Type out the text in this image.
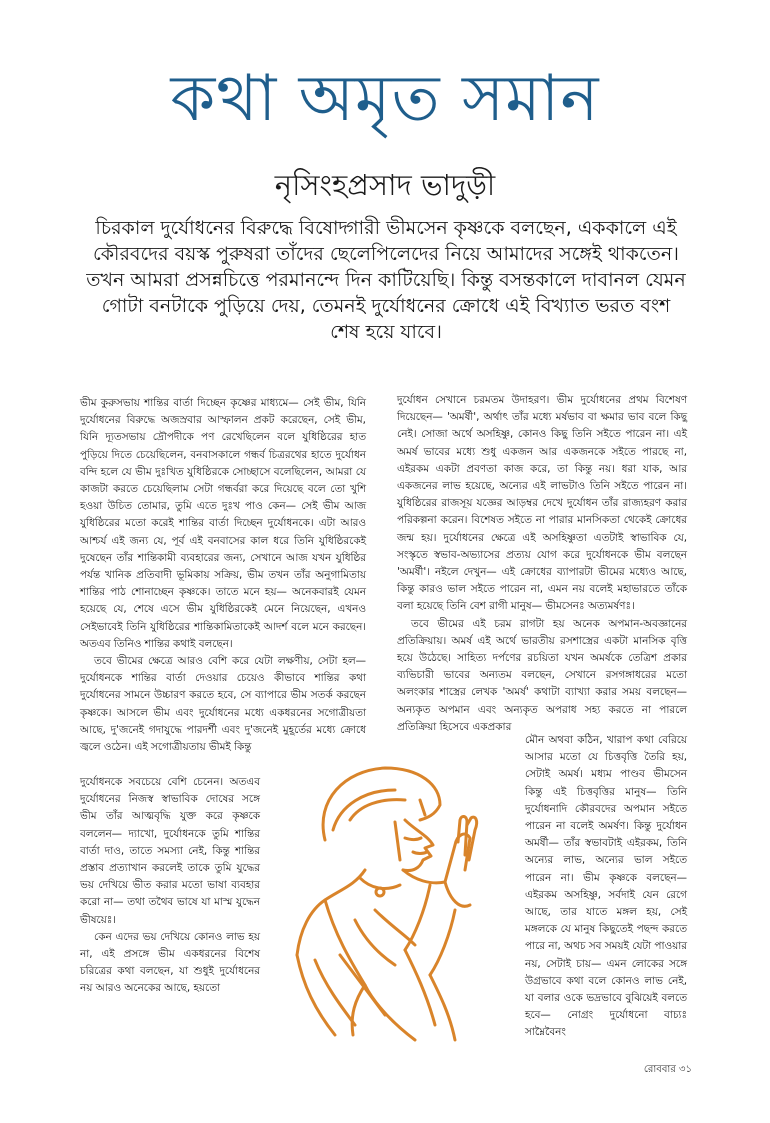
কথা অমৃত সমান
নৃসিংহপ্রসাদ ভাদুড়ী
চিরকাল দুর্যোধনের বিরুদ্ধে বিষোদ্গারী ভীমসেন কৃষ্ণকে বলছেন, এককালে এই কৌরবদের বয়স্ক পুরুষরা তাঁদের ছেলেপিলেদের নিয়ে আমাদের সঙ্গেই থাকতেন। তখন আমরা প্রসন্নচিত্তে পরমানন্দে দিন কাটিয়েছি। কিন্তু বসন্তকালে দাবানল যেমন গোটা বনটাকে পুড়িয়ে দেয়, তেমনই দুর্যোধনের ক্রোধে এই বিখ্যাত ভরত বংশ শেষ হয়ে যাবে।

ভীম কুরুসভায় শান্তির বার্তা দিচ্ছেন কৃষ্ণের মাধ্যমে— সেই ভীম, যিনি দুর্যোধনের বিরুদ্ধে অজস্রবার আস্ফালন প্রকট করেছেন, সেই ভীম, যিনি দ্যূতসভায় দ্রৌপদীকে পণ রেখেছিলেন বলে যুধিষ্ঠিরের হাত পুড়িয়ে দিতে চেয়েছিলেন, বনবাসকালে গন্ধর্ব চিত্ররথের হাতে দুর্যোধন বন্দি হলে যে ভীম দুঃখিত যুধিষ্ঠিরকে সোচ্ছাসে বলেছিলেন, আমরা যে কাজটা করতে চেয়েছিলাম সেটা গন্ধর্বরা করে দিয়েছে বলে তো খুশি হওয়া উচিত তোমার, তুমি এতে দুঃখ পাও কেন— সেই ভীম আজ যুধিষ্ঠিরের মতো করেই শান্তির বার্তা দিচ্ছেন দুর্যোধনকে। এটা আরও আশ্চর্য এই জন্য যে, পূর্ব এই বনবাসের কাল ধরে তিনি যুধিষ্ঠিরকেই দুষেছেন তাঁর শান্তিকামী ব্যবহারের জন্য, সেখানে আজ যখন যুধিষ্ঠির পর্যন্ত খানিক প্রতিবাদী ভূমিকায় সক্রিয়, ভীম তখন তাঁর অনুগামিতায় শান্তির পাঠ শোনাচ্ছেন কৃষ্ণকে। তাতে মনে হয়— অনেকবারই যেমন হয়েছে যে, শেষে এসে ভীম যুধিষ্ঠিরকেই মেনে নিয়েছেন, এখনও সেইভাবেই তিনি যুধিষ্ঠিরের শান্তিকামিতাকেই আদর্শ বলে মনে করছেন। অতএব তিনিও শান্তির কথাই বলছেন।

তবে ভীমের ক্ষেত্রে আরও বেশি করে যেটা লক্ষণীয়, সেটা হল— দুর্যোধনকে শান্তির বার্তা দেওয়ার চেয়েও কীভাবে শান্তির কথা দুর্যোধনের সামনে উচ্চারণ করতে হবে, সে ব্যাপারে ভীম সতর্ক করছেন কৃষ্ণকে। আসলে ভীম এবং দুর্যোধনের মধ্যে একধরনের সগোত্রীয়তা আছে, দু'জনেই গদাযুদ্ধে পারদর্শী এবং দু'জনেই মুহূর্তের মধ্যে ক্রোধে জ্বলে ওঠেন। এই সগোত্রীয়তায় ভীমই কিন্তু

দুর্যোধনকে সবচেয়ে বেশি চেনেন। অতএব দুর্যোধনের নিজস্ব স্বাভাবিক দোষের সঙ্গে ভীম তাঁর আত্মবৃদ্ধি যুক্ত করে কৃষ্ণকে বললেন— দ্যাখো, দুর্যোধনকে তুমি শান্তির বার্তা দাও, তাতে সমস্যা নেই, কিন্তু শান্তির প্রস্তাব প্রত্যাখান করলেই তাকে তুমি যুদ্ধের ভয় দেখিয়ে ভীত করার মতো ভাষা ব্যবহার করো না— তথা তথৈব ভাষে যা মাস্ম যুদ্ধেন ভীষয়েঃ।

কেন এদের ভয় দেখিয়ে কোনও লাভ হয় না, এই প্রসঙ্গে ভীম একধরনের বিশেষ চরিত্রের কথা বলছেন, যা শুধুই দুর্যোধনের নয় আরও অনেকের আছে, হয়তো

দুর্যোধন সেখানে চরমতম উদাহরণ। ভীম দুর্যোধনের প্রথম বিশেষণ দিয়েছেন— 'অমর্ষী', অর্থাৎ তাঁর মধ্যে মর্ষভাব বা ক্ষমার ভাব বলে কিছু নেই। সোজা অর্থে অসহিষ্ণু, কোনও কিছু তিনি সইতে পারেন না। এই অমর্ষ ভাবের মধ্যে শুধু একজন আর একজনকে সইতে পারছে না, এইরকম একটা প্রবণতা কাজ করে, তা কিন্তু নয়। ধরা যাক, আর একজনের লাভ হয়েছে, অন্যের এই লাভটাও তিনি সইতে পারেন না। যুধিষ্ঠিরের রাজসূয় যজ্ঞের আড়ম্বর দেখে দুর্যোধন তাঁর রাজ্যহরণ করার পরিকল্পনা করেন। বিশেষত সইতে না পারার মানসিকতা থেকেই ক্রোধের জন্ম হয়। দুর্যোধনের ক্ষেত্রে এই অসহিষ্ণুতা এতটাই স্বাভাবিক যে, সংস্কৃতে স্বভাব-অভ্যাসের প্রত্যয় যোগ করে দুর্যোধনকে ভীম বলছেন 'অমর্ষী'। নইলে দেখুন— এই ক্রোধের ব্যাপারটা ভীমের মধ্যেও আছে, কিন্তু কারও ভাল সইতে পারেন না, এমন নয় বলেই মহাভারতে তাঁকে বলা হয়েছে তিনি বেশ রাগী মানুষ— ভীমসেনঃ অত্যমর্ষণঃ।

তবে ভীমের এই চরম রাগটা হয় অনেক অপমান-অবজ্ঞানের প্রতিক্রিয়ায়। অমর্ষ এই অর্থে ভারতীয় রসশাস্ত্রের একটা মানসিক বৃত্তি হয়ে উঠেছে। সাহিত্য দর্পণের রচয়িতা যখন অমর্ষকে তেত্রিশ প্রকার ব্যভিচারী ভাবের অন্যতম বলছেন, সেখানে রসগঙ্গাধরের মতো অলংকার শাস্ত্রের লেখক 'অমর্ষ' কথাটা ব্যাখ্যা করার সময় বলছেন— অন্যকৃত অপমান এবং অন্যকৃত অপরাধ সহ্য করতে না পারলে প্রতিক্রিয়া হিসেবে একপ্রকার

মৌন অথবা কঠিন, খারাপ কথা বেরিয়ে আসার মতো যে চিত্তবৃত্তি তৈরি হয়, সেটাই অমর্ষ। মধ্যম পাণ্ডব ভীমসেন কিন্তু এই চিত্তবৃত্তির মানুষ— তিনি দুর্যোধনাদি কৌরবদের অপমান সইতে পারেন না বলেই অমর্ষণ। কিন্তু দুর্যোধন অমর্ষী— তাঁর স্বভাবটাই এইরকম, তিনি অন্যের লাভ, অন্যের ভাল সইতে পারেন না। ভীম কৃষ্ণকে বলছেন— এইরকম অসহিষ্ণু, সর্বদাই যেন রেগে আছে, তার যাতে মঙ্গল হয়, সেই মঙ্গলকে যে মানুষ কিছুতেই পছন্দ করতে পারে না, অথচ সব সময়ই যেটা পাওয়ার নয়, সেটাই চায়— এমন লোকের সঙ্গে উগ্রভাবে কথা বলে কোনও লাভ নেই, যা বলার ওকে ভদ্রভাবে বুঝিয়েই বলতে হবে— নোগ্রং দুর্যোধনো বাচ্যঃ সাম্নৈবৈনং

রোববার ৩১
